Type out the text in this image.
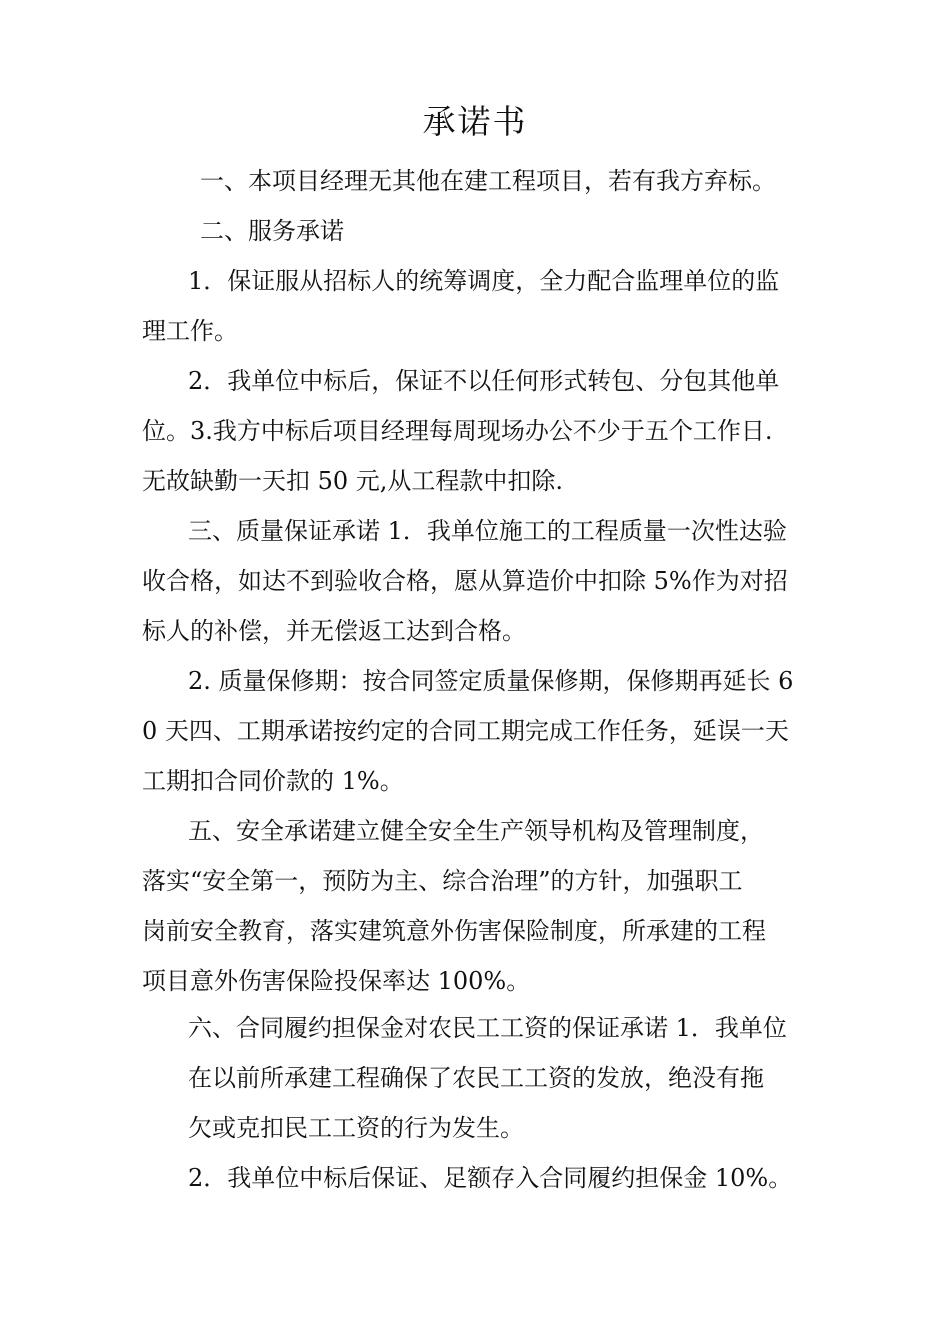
承诺书
一、本项目经理无其他在建工程项目，若有我方弃标。
二、服务承诺
1．保证服从招标人的统筹调度，全力配合监理单位的监
理工作。
2．我单位中标后，保证不以任何形式转包、分包其他单
位。3.我方中标后项目经理每周现场办公不少于五个工作日.
无故缺勤一天扣 50 元,从工程款中扣除.
三、质量保证承诺 1．我单位施工的工程质量一次性达验
收合格，如达不到验收合格，愿从算造价中扣除 5%作为对招
标人的补偿，并无偿返工达到合格。
2. 质量保修期：按合同签定质量保修期，保修期再延长 6
0 天四、工期承诺按约定的合同工期完成工作任务，延误一天
工期扣合同价款的 1%。
五、安全承诺建立健全安全生产领导机构及管理制度，
落实“安全第一，预防为主、综合治理”的方针，加强职工
岗前安全教育，落实建筑意外伤害保险制度，所承建的工程
项目意外伤害保险投保率达 100%。
六、合同履约担保金对农民工工资的保证承诺 1．我单位
在以前所承建工程确保了农民工工资的发放，绝没有拖
欠或克扣民工工资的行为发生。
2．我单位中标后保证、足额存入合同履约担保金 10%。
